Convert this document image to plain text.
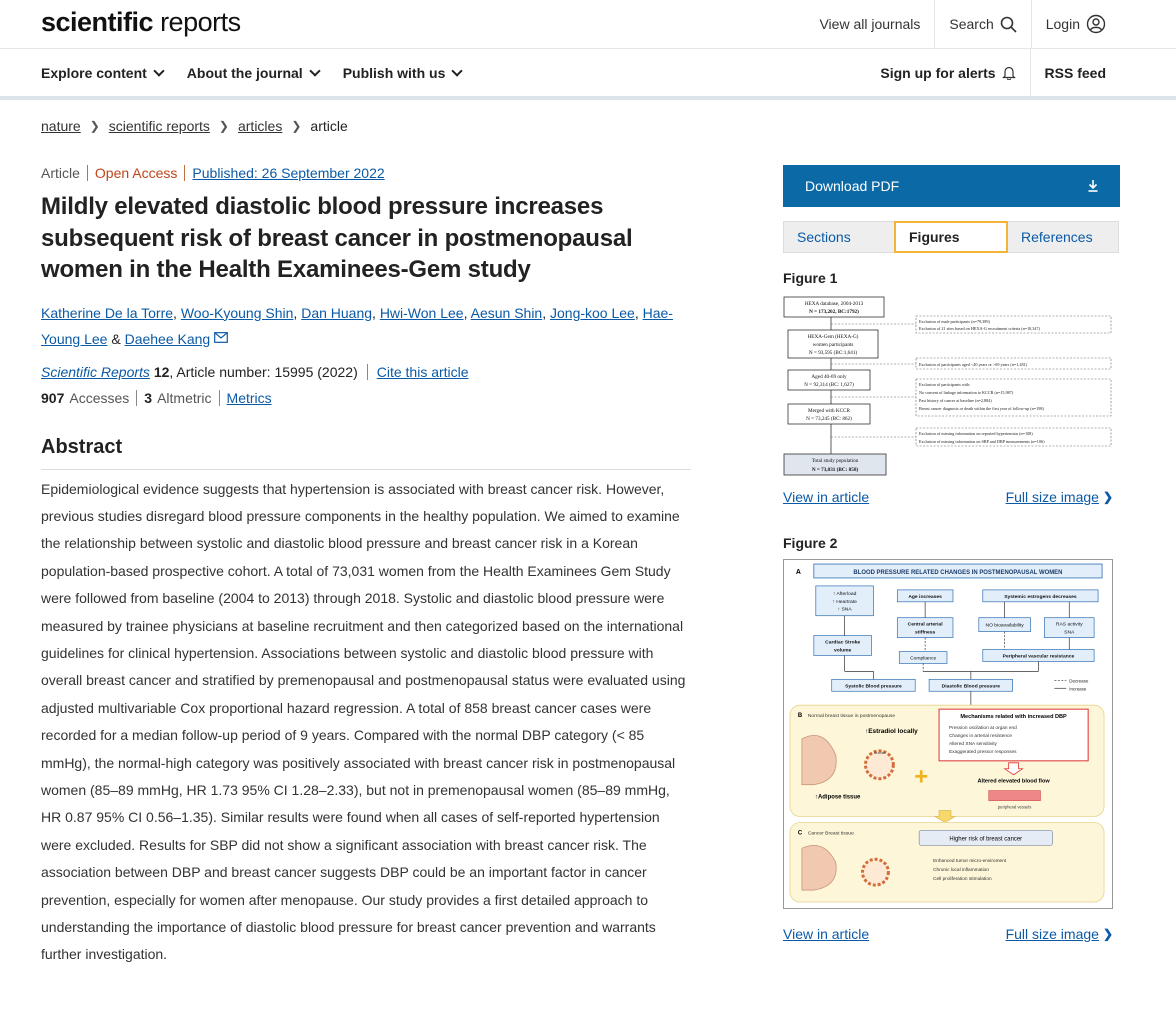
scientific reports	View all journals Search	Login
Explore content	About the journal	Publish with us	Sign up for alerts	RSS feed
nature ❯ scientific reports ❯ articles ❯ article
Article Open Access Published: 26 September 2022
Mildly elevated diastolic blood pressure increases subsequent risk of breast cancer in postmenopausal women in the Health Examinees-Gem study
Katherine De la Torre, Woo-Kyoung Shin, Dan Huang, Hwi-Won Lee, Aesun Shin, Jong-koo Lee, Hae-Young Lee & Daehee Kang
Scientific Reports
12 , Article number: 15995 (2022) Cite this article
907 Accesses 3 Altmetric Metrics
Abstract
Epidemiological evidence suggests that hypertension is associated with breast cancer risk. However, previous studies disregard blood pressure components in the healthy population. We aimed to examine the relationship between systolic and diastolic blood pressure and breast cancer risk in a Korean population-based prospective cohort. A total of 73,031 women from the Health Examinees Gem Study were followed from baseline (2004 to 2013) through 2018. Systolic and diastolic blood pressure were measured by trainee physicians at baseline recruitment and then categorized based on the international guidelines for clinical hypertension. Associations between systolic and diastolic blood pressure with overall breast cancer and stratified by premenopausal and postmenopausal status were evaluated using adjusted multivariable Cox proportional hazard regression. A total of 858 breast cancer cases were recorded for a median follow-up period of 9 years. Compared with the normal DBP category (< 85 mmHg), the normal-high category was positively associated with breast cancer risk in postmenopausal women (85–89 mmHg, HR 1.73 95% CI 1.28–2.33), but not in premenopausal women (85–89 mmHg, HR 0.87 95% CI 0.56–1.35). Similar results were found when all cases of self-reported hypertension were excluded. Results for SBP did not show a significant association with breast cancer risk. The association between DBP and breast cancer suggests DBP could be an important factor in cancer prevention, especially for women after menopause. Our study provides a first detailed approach to understanding the importance of diastolic blood pressure for breast cancer prevention and warrants further investigation.
Download PDF
Sections	Figures	References
Figure 1
HEXA database, 2004-2013
N = 173,202, BC:1792)
HEXA-Gem (HEXA-G)
women participants
N = 93,595 (BC:1,641)
Aged 40-69 only
N = 92,314 (BC: 1,627)
Merged with KCCR
N = 73,245 (BC: 862)
Total study population
N = 73,031 (BC: 858)
Exclusion of male participants (n=79,389)
Exclusion of 21 sites based on HEXA-G recruitment criteria (n=10,347)
Exclusion of participants aged <40 years or >69 years (n=1,281)
Exclusion of participants with:
No consent of linkage information to KCCR (n=15,987)
Past history of cancer at baseline (n=2,884)
Breast cancer diagnosis or death within the first year of follow-up (n=198)
Exclusion of missing information on reported hypertension (n=108)
Exclusion of missing information on SBP and DBP measurements (n=106)
View in article	Full size image ❯
Figure 2
A	BLOOD PRESSURE RELATED CHANGES IN POSTMENOPAUSAL WOMEN
↑ Afterload
↑ Heartrate
↑ SNA
Age increases	Systemic estrogens decreases
Central arterial
stiffness
NO bioavailability	RAS activity
SNA
Cardiac Stroke
volume
Compliance	Peripheral vascular resistance
Systolic Blood pressure	Diastolic Blood pressure
Decrease
Increase
B Normal breast tissue in postmenopause
ductal
↑Estradiol locally
↑Adipose tissue
+
Mechanisms related with increased DBP
Pression oscilation at organ end
Changes in arterial resistence
Altered SNA sensitivity
Exaggerated pressor responses
Altered elevated blood flow
peripheral vessels
C Cancer Breast tissue
Higher risk of breast cancer
Enhanced tumor micro-enviroment
Chronic local inflammation
Cell proliferation stimulation
View in article	Full size image ❯
